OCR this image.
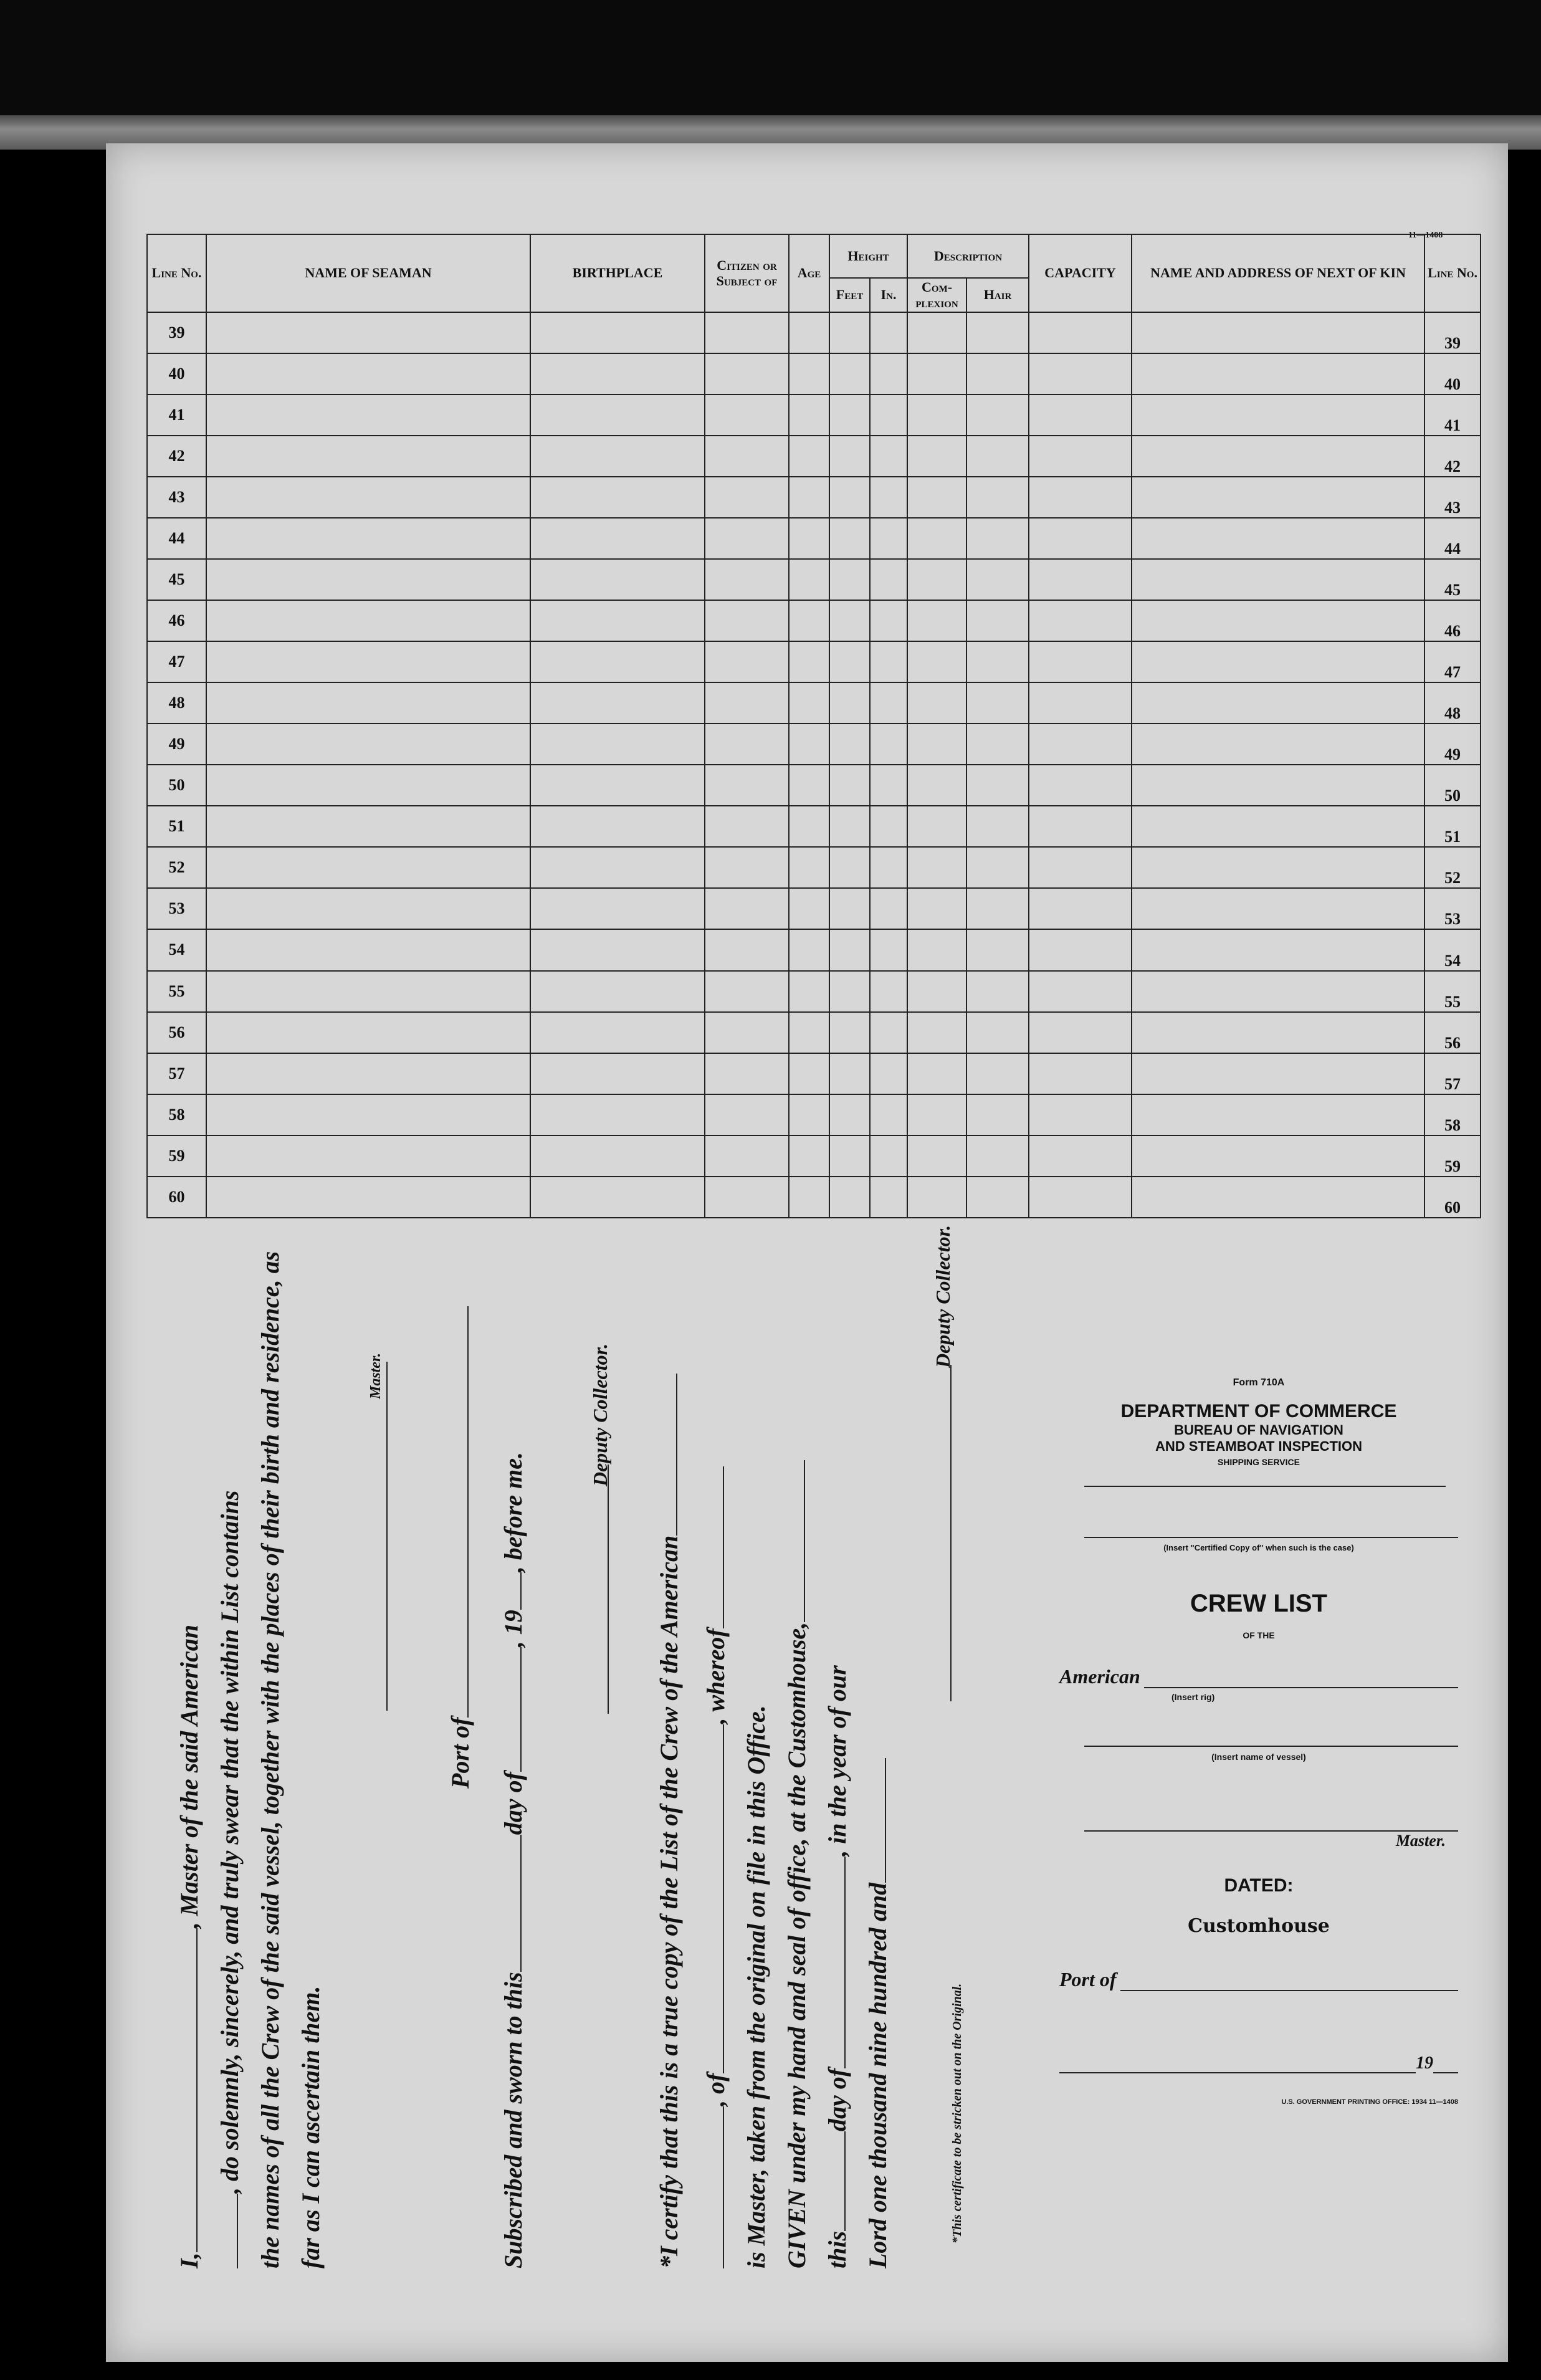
11—1408
Line No.	NAME OF SEAMAN	BIRTHPLACE	Citizen or Subject of	Age	Height		Description		CAPACITY	NAME AND ADDRESS OF NEXT OF KIN	Line No.
					Feet	In.	Com-plexion	Hair			
39											39
40											40
41											41
42											42
43											43
44											44
45											45
46											46
47											47
48											48
49											49
50											50
51											51
52											52
53											53
54											54
55											55
56											56
57											57
58											58
59											59
60											60
I,, Master of the said American , do solemnly, sincerely, and truly swear that the within List contains the names of all the Crew of the said vessel, together with the places of their birth and residence, as far as I can ascertain them.
Master.
Port of
Subscribed and sworn to thisday of, 19, before me.
Deputy Collector.
*I certify that this is a true copy of the List of the Crew of the American , of, whereof
is Master, taken from the original on file in this Office. GIVEN under my hand and seal of office, at the Customhouse, thisday of, in the year of our
Lord one thousand nine hundred and
Deputy Collector.
*This certificate to be stricken out on the Original.
Form 710A
DEPARTMENT OF COMMERCE
BUREAU OF NAVIGATION
AND STEAMBOAT INSPECTION
SHIPPING SERVICE
(Insert "Certified Copy of" when such is the case)
CREW LIST
OF THE
American
(Insert rig)
(Insert name of vessel)
Master.
DATED:
Customhouse
Port of
19
U.S. GOVERNMENT PRINTING OFFICE: 1934 11—1408
